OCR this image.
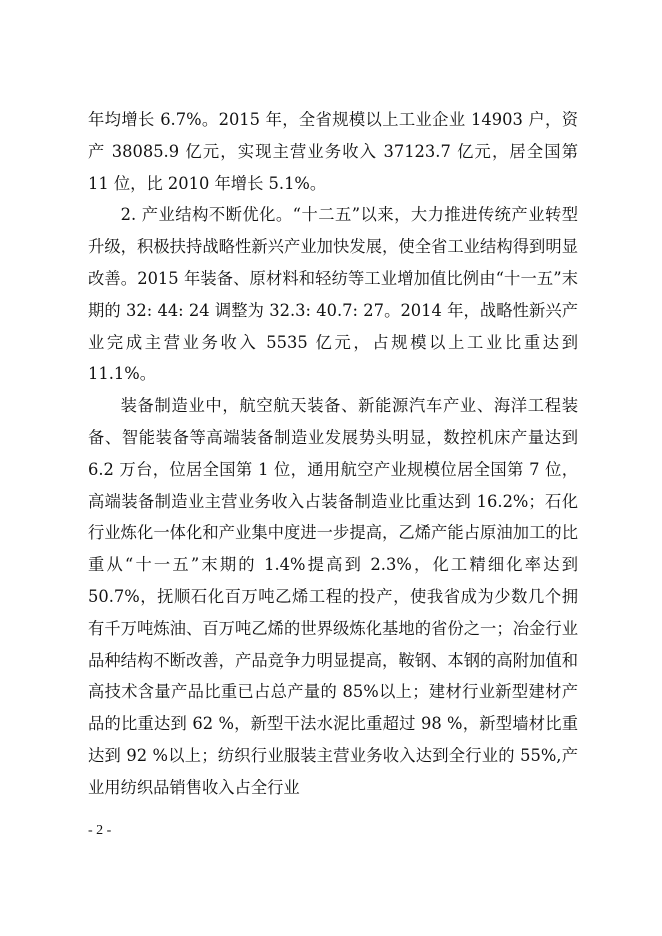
年均增长 6.7%。2015 年，全省规模以上工业企业 14903 户，资产 38085.9 亿元，实现主营业务收入 37123.7 亿元，居全国第 11 位，比 2010 年增长 5.1%。

2. 产业结构不断优化。“十二五”以来，大力推进传统产业转型升级，积极扶持战略性新兴产业加快发展，使全省工业结构得到明显改善。2015 年装备、原材料和轻纺等工业增加值比例由“十一五”末期的 32: 44: 24 调整为 32.3: 40.7: 27。2014 年，战略性新兴产业完成主营业务收入 5535 亿元，占规模以上工业比重达到 11.1%。

装备制造业中，航空航天装备、新能源汽车产业、海洋工程装备、智能装备等高端装备制造业发展势头明显，数控机床产量达到 6.2 万台，位居全国第 1 位，通用航空产业规模位居全国第 7 位，高端装备制造业主营业务收入占装备制造业比重达到 16.2%；石化行业炼化一体化和产业集中度进一步提高，乙烯产能占原油加工的比重从“十一五”末期的 1.4%提高到 2.3%，化工精细化率达到 50.7%，抚顺石化百万吨乙烯工程的投产，使我省成为少数几个拥有千万吨炼油、百万吨乙烯的世界级炼化基地的省份之一；冶金行业品种结构不断改善，产品竞争力明显提高，鞍钢、本钢的高附加值和高技术含量产品比重已占总产量的 85%以上；建材行业新型建材产品的比重达到 62 %，新型干法水泥比重超过 98 %，新型墙材比重达到 92 %以上；纺织行业服装主营业务收入达到全行业的 55%,产业用纺织品销售收入占全行业

- 2 -
